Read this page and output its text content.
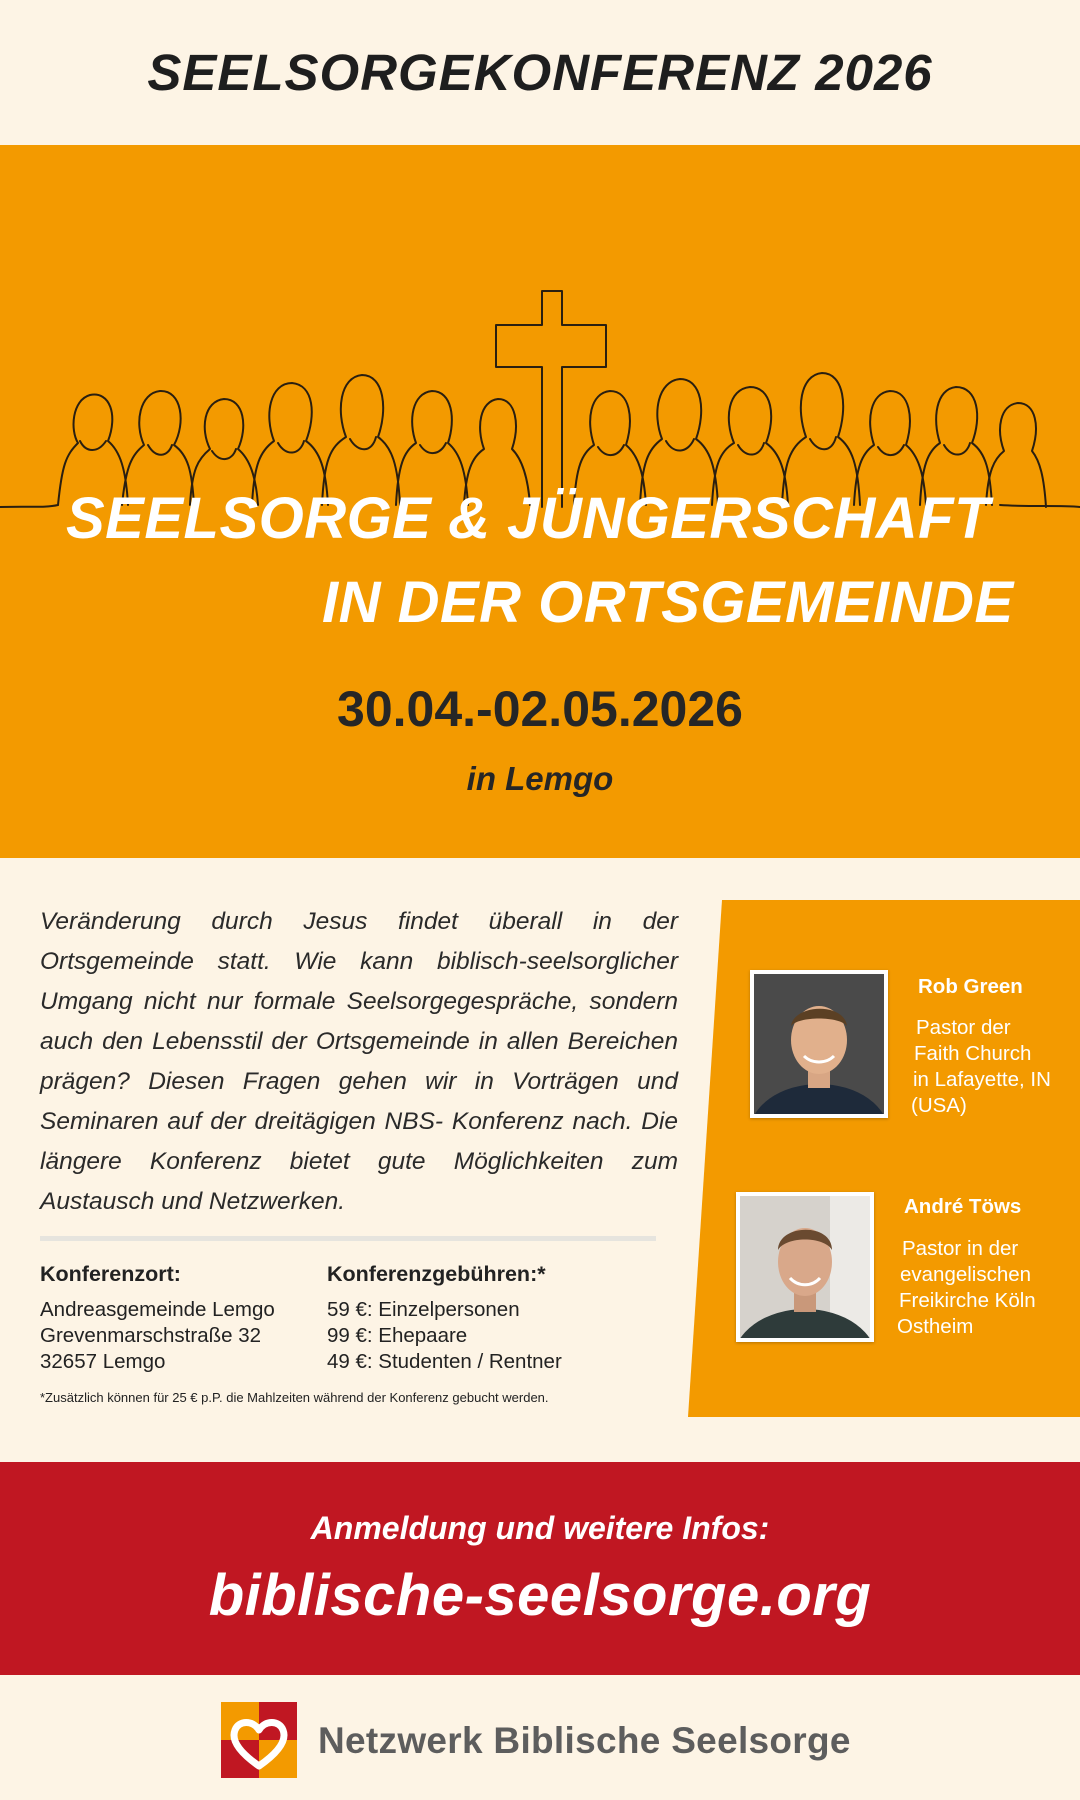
SEELSORGEKONFERENZ 2026
SEELSORGE & JÜNGERSCHAFT
IN DER ORTSGEMEINDE
30.04.-02.05.2026
in Lemgo

Veränderung durch Jesus findet überall in der Ortsgemeinde statt. Wie kann biblisch-seelsorglicher Umgang nicht nur formale Seelsorgegespräche, sondern auch den Lebensstil der Ortsgemeinde in allen Bereichen prägen? Diesen Fragen gehen wir in Vorträgen und Seminaren auf der dreitägigen NBS- Konferenz nach. Die längere Konferenz bietet gute Möglichkeiten zum Austausch und Netzwerken.

Konferenzort:
Andreasgemeinde Lemgo
Grevenmarschstraße 32
32657 Lemgo
Konferenzgebühren:*
59 €: Einzelpersonen
99 €: Ehepaare
49 €: Studenten / Rentner
*Zusätzlich können für 25 € p.P. die Mahlzeiten während der Konferenz gebucht werden.
Rob Green
Pastor der
Faith Church
in Lafayette, IN
(USA)
André Töws
Pastor in der
evangelischen
Freikirche Köln
Ostheim
Anmeldung und weitere Infos:
biblische-seelsorge.org
Netzwerk Biblische Seelsorge
